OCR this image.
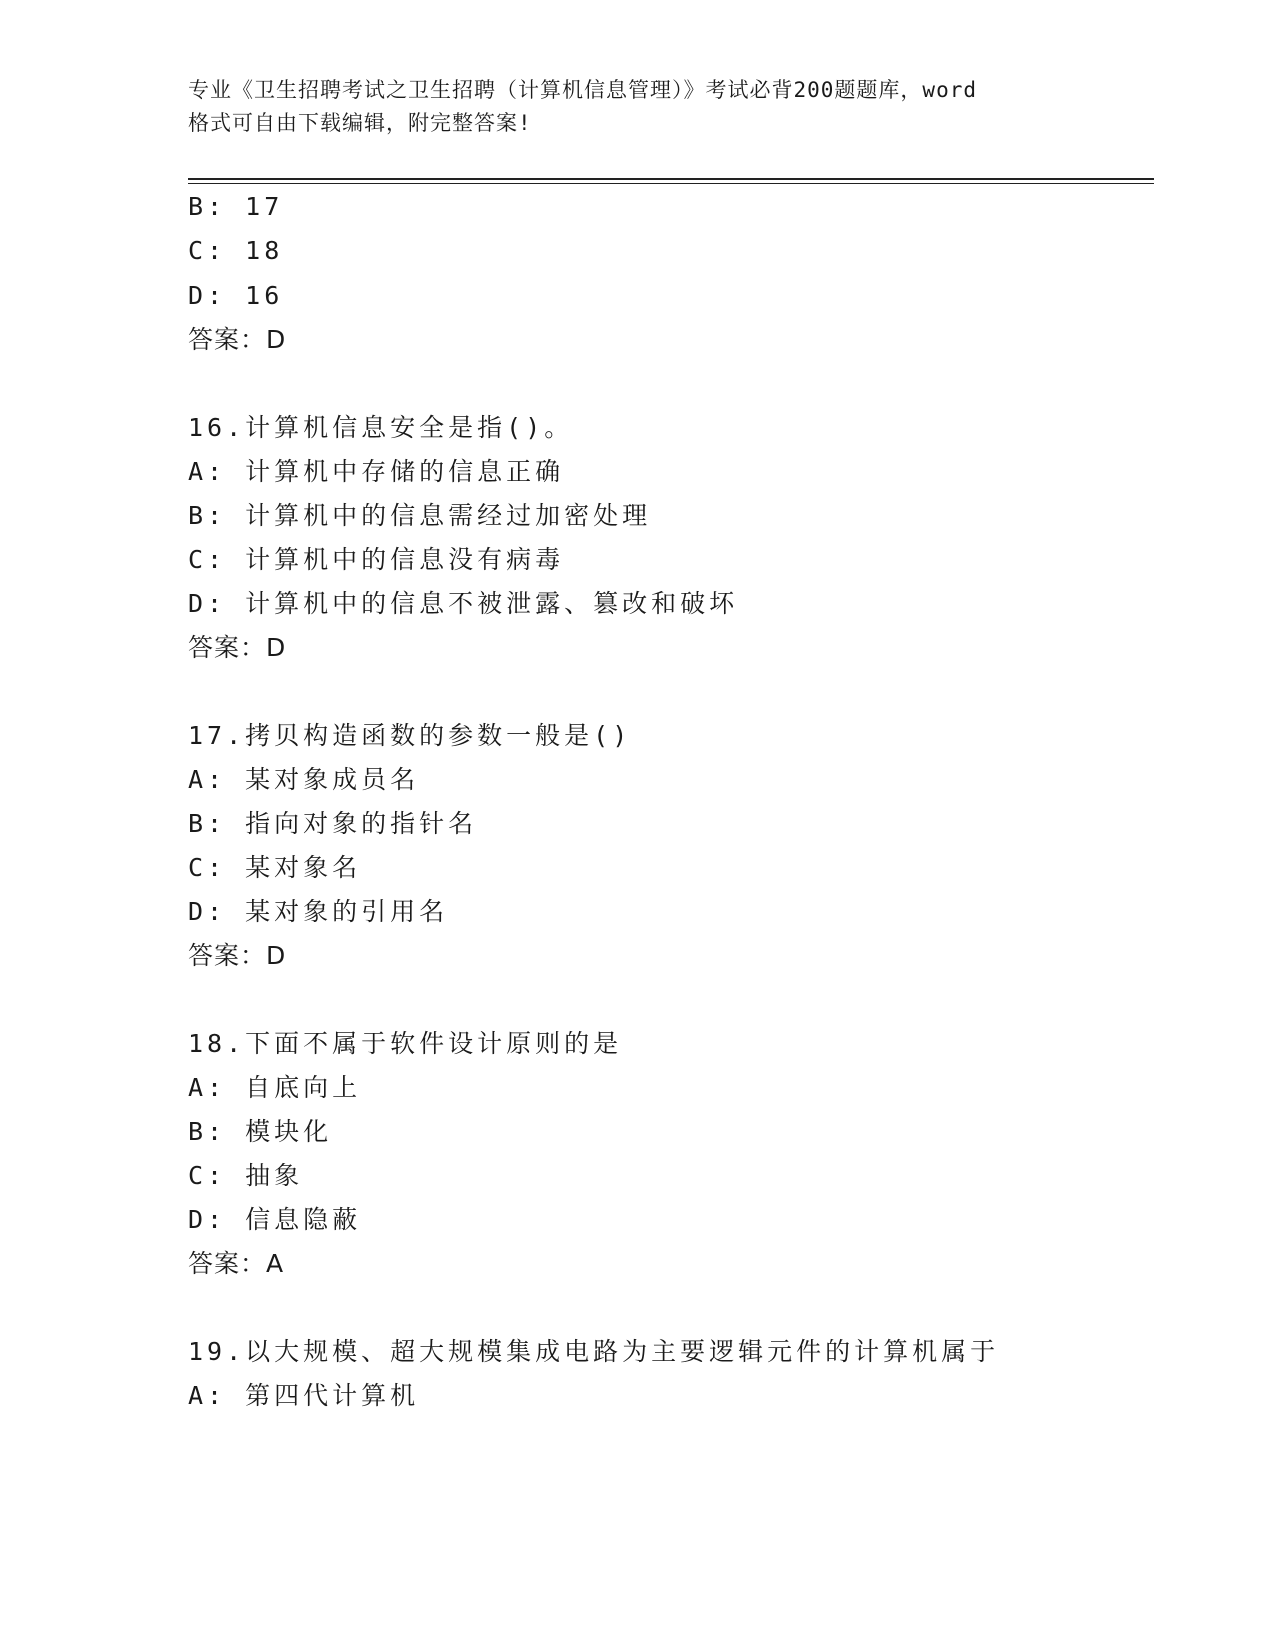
专业《卫生招聘考试之卫生招聘（计算机信息管理）》考试必背200题题库，word
格式可自由下载编辑，附完整答案!
B: 17
C: 18
D: 16
答案：D
16.计算机信息安全是指()。
A: 计算机中存储的信息正确
B: 计算机中的信息需经过加密处理
C: 计算机中的信息没有病毒
D: 计算机中的信息不被泄露、篡改和破坏
答案：D
17.拷贝构造函数的参数一般是()
A: 某对象成员名
B: 指向对象的指针名
C: 某对象名
D: 某对象的引用名
答案：D
18.下面不属于软件设计原则的是
A: 自底向上
B: 模块化
C: 抽象
D: 信息隐蔽
答案：A
19.以大规模、超大规模集成电路为主要逻辑元件的计算机属于
A: 第四代计算机
